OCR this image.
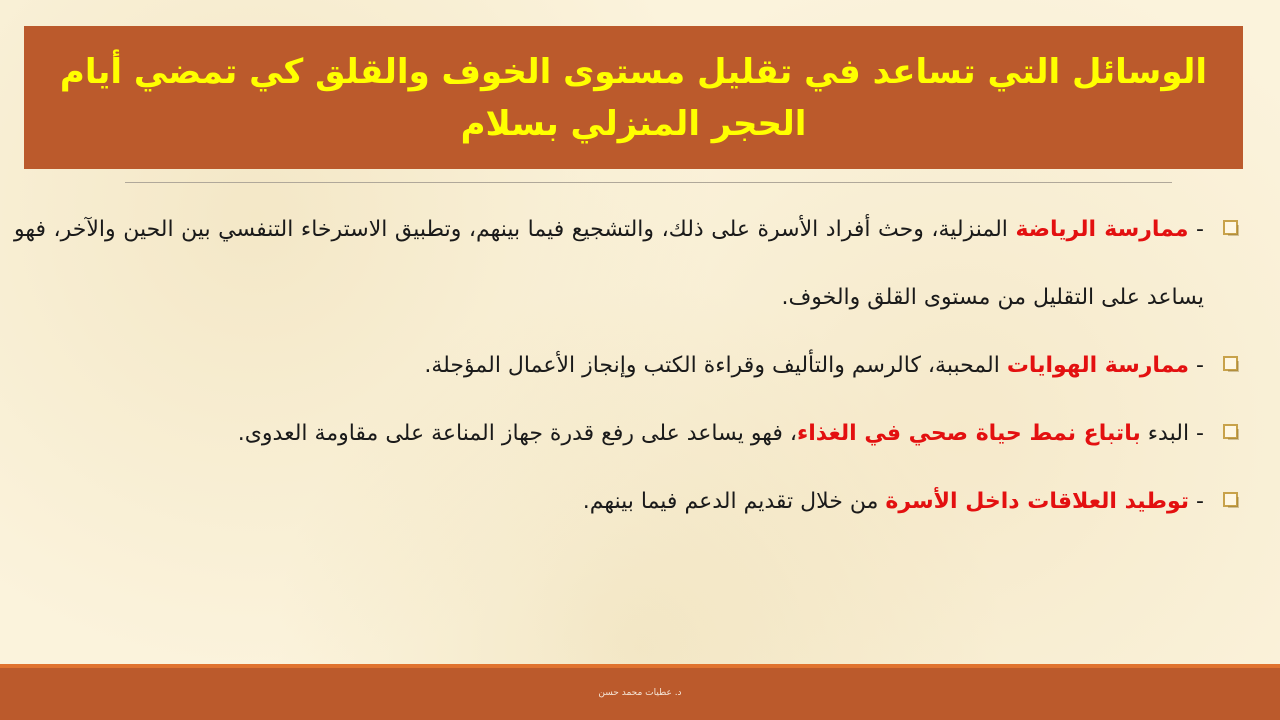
الوسائل التي تساعد في تقليل مستوى الخوف والقلق كي تمضي أيام
الحجر المنزلي بسلام
- ممارسة الرياضة المنزلية، وحث أفراد الأسرة على ذلك، والتشجيع فيما بينهم، وتطبيق الاسترخاء التنفسي بين الحين والآخر، فهو يساعد على التقليل من مستوى القلق والخوف.
- ممارسة الهوايات المحببة، كالرسم والتأليف وقراءة الكتب وإنجاز الأعمال المؤجلة.
- البدء باتباع نمط حياة صحي في الغذاء، فهو يساعد على رفع قدرة جهاز المناعة على مقاومة العدوى.
- توطيد العلاقات داخل الأسرة من خلال تقديم الدعم فيما بينهم.
د. عطيات محمد حسن
